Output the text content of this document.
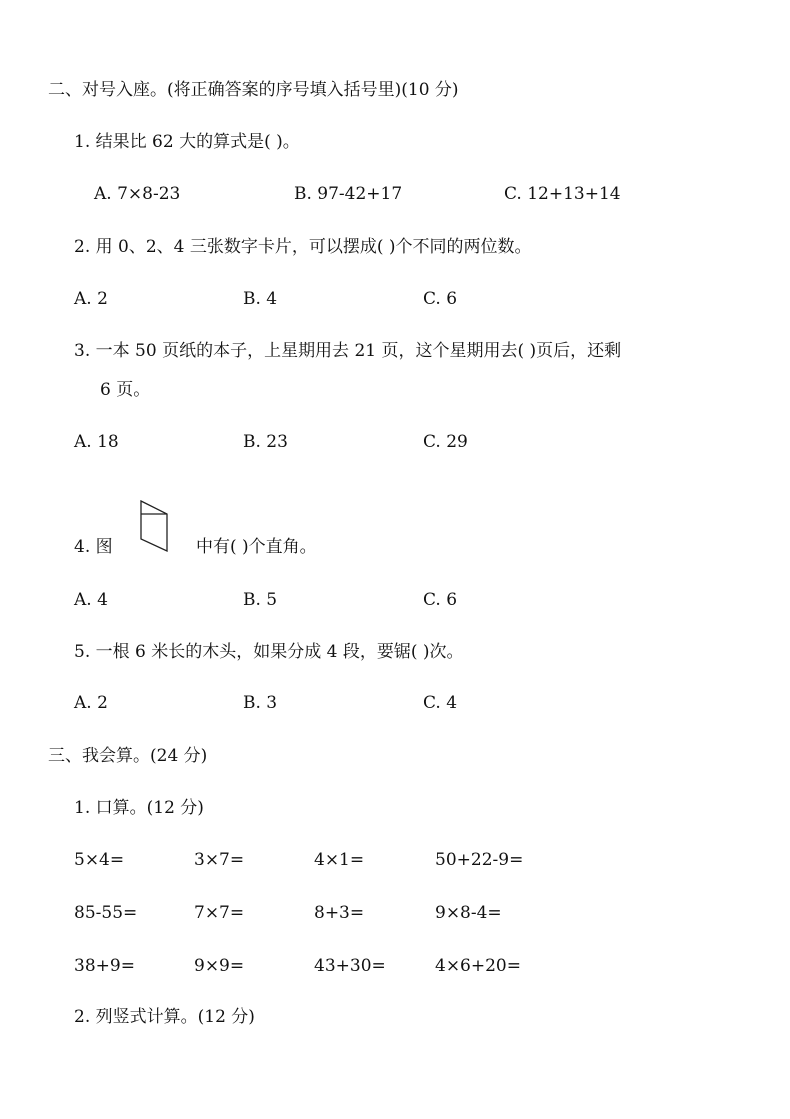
二、对号入座。(将正确答案的序号填入括号里)(10 分)
1. 结果比 62 大的算式是( )。
A. 7×8-23	B. 97-42+17	C. 12+13+14
2. 用 0、2、4 三张数字卡片，可以摆成( )个不同的两位数。
A. 2	B. 4	C. 6
3. 一本 50 页纸的本子，上星期用去 21 页，这个星期用去( )页后，还剩
6 页。
A. 18	B. 23	C. 29
4. 图	中有( )个直角。
A. 4	B. 5	C. 6
5. 一根 6 米长的木头，如果分成 4 段，要锯( )次。
A. 2	B. 3	C. 4
三、我会算。(24 分)
1. 口算。(12 分)
5×4=	3×7=	4×1=	50+22-9=
85-55=	7×7=	8+3=	9×8-4=
38+9=	9×9=	43+30=	4×6+20=
2. 列竖式计算。(12 分)
